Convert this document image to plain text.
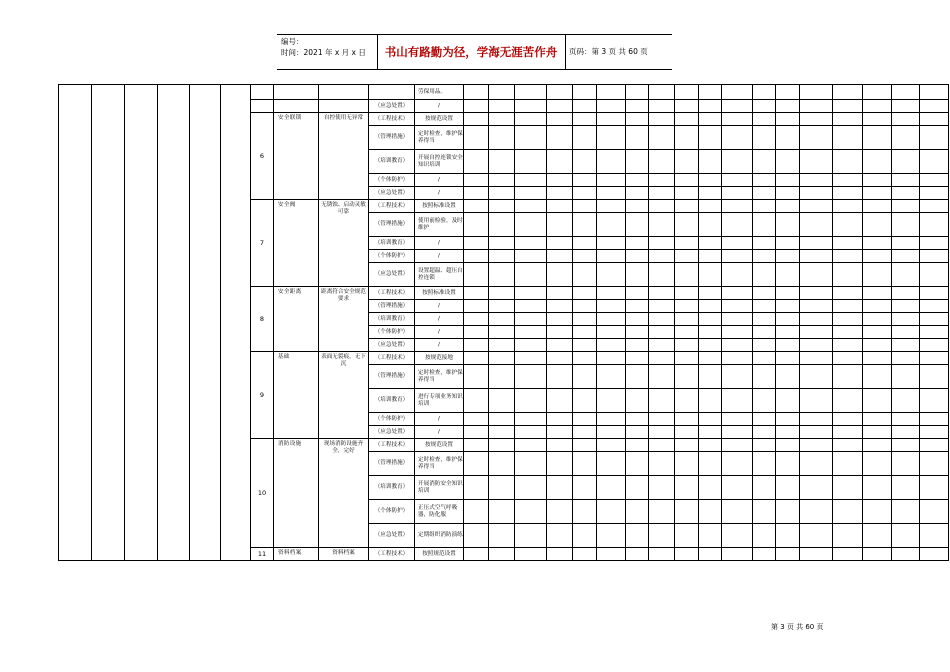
编号：
时间：2021 年 x 月 x 日	书山有路勤为径，学海无涯苦作舟	页码：第 3 页 共 60 页
										劳保用品。																		
									（应急处置）	/																		
						6	安全联锁	自控使用无异常	（工程技术）	按规范设置																		
									（管理措施）	定时检查，维护保养得当																		
									（培训教育）	开展自控连锁安全知识培训																		
									（个体防护）	/																		
									（应急处置）	/																		
						7	安全阀	无锈蚀、启动灵敏可靠	（工程技术）	按照标准设置																		
									（管理措施）	使用前检验，及时维护																		
									（培训教育）	/																		
									（个体防护）	/																		
									（应急处置）	设置超温、超压自控连锁																		
						8	安全距离	距离符合安全规范要求	（工程技术）	按照标准设置																		
									（管理措施）	/																		
									（培训教育）	/																		
									（个体防护）	/																		
									（应急处置）	/																		
						9	基础	表面无裂痕，无下沉	（工程技术）	按规范接地																		
									（管理措施）	定时检查，维护保养得当																		
									（培训教育）	进行专项业务知识培训																		
									（个体防护）	/																		
									（应急处置）	/																		
						10	消防设施	现场消防设施齐全，完好	（工程技术）	按规范设置																		
									（管理措施）	定时检查，维护保养得当																		
									（培训教育）	开展消防安全知识培训																		
									（个体防护）	正压式空气呼吸器，防化服																		
									（应急处置）	定期组织消防演练																		
						11	资料档案	资料档案	（工程技术）	按照规范设置																		
第 3 页 共 60 页
